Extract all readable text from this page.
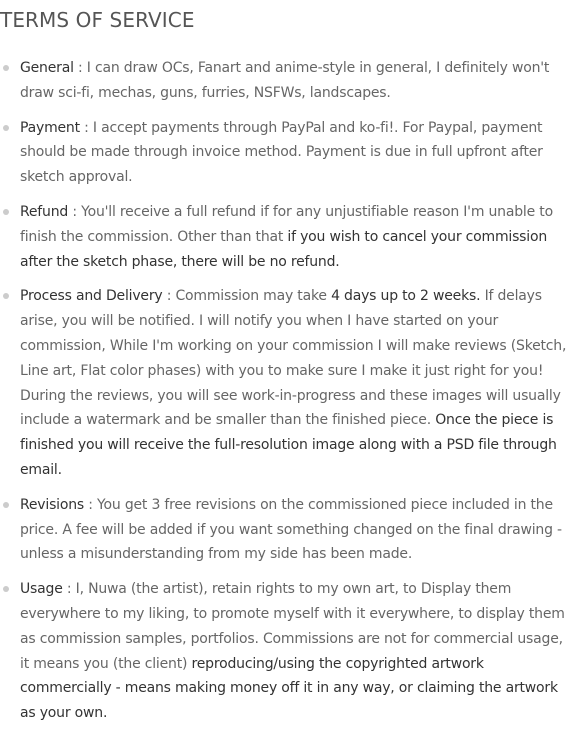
TERMS OF SERVICE
General : I can draw OCs, Fanart and anime-style in general, I definitely won't draw sci-fi, mechas, guns, furries, NSFWs, landscapes.
Payment : I accept payments through PayPal and ko-fi!. For Paypal, payment should be made through invoice method. Payment is due in full upfront after sketch approval.
Refund : You'll receive a full refund if for any unjustifiable reason I'm unable to finish the commission. Other than that if you wish to cancel your commission after the sketch phase, there will be no refund.
Process and Delivery : Commission may take 4 days up to 2 weeks. If delays arise, you will be notified. I will notify you when I have started on your commission, While I'm working on your commission I will make reviews (Sketch, Line art, Flat color phases) with you to make sure I make it just right for you! During the reviews, you will see work-in-progress and these images will usually include a watermark and be smaller than the finished piece. Once the piece is finished you will receive the full-resolution image along with a PSD file through email.
Revisions : You get 3 free revisions on the commissioned piece included in the price. A fee will be added if you want something changed on the final drawing - unless a misunderstanding from my side has been made.
Usage : I, Nuwa (the artist), retain rights to my own art, to Display them everywhere to my liking, to promote myself with it everywhere, to display them as commission samples, portfolios. Commissions are not for commercial usage, it means you (the client) reproducing/using the copyrighted artwork commercially - means making money off it in any way, or claiming the artwork as your own.
